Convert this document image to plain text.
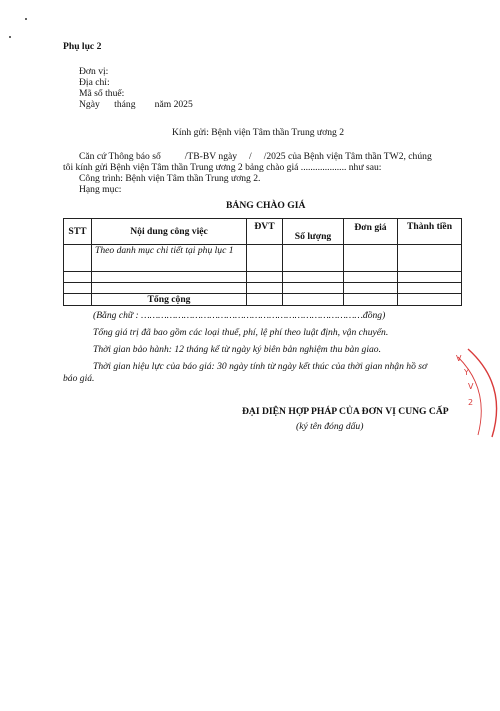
Phụ lục 2
Đơn vị:
Địa chỉ:
Mã số thuế:
Ngày      tháng        năm 2025
Kính gửi: Bệnh viện Tâm thần Trung ương 2
Căn cứ Thông báo số          /TB-BV ngày     /     /2025 của Bệnh viện Tâm thần TW2, chúng
tôi kính gửi Bệnh viện Tâm thần Trung ương 2 bảng chào giá ................... như sau:
Công trình: Bệnh viện Tâm thần Trung ương 2.
Hạng mục:
BẢNG CHÀO GIÁ
STT	Nội dung công việc	ĐVT	Số lượng	Đơn giá	Thành tiền
	Theo danh mục chi tiết tại phụ lục 1				

	Tổng cộng				
(Bằng chữ : ……………………………………………………………………đồng)
Tổng giá trị đã bao gồm các loại thuế, phí, lệ phí theo luật định, vận chuyển.
Thời gian bảo hành: 12 tháng kể từ ngày ký biên bản nghiệm thu bàn giao.
Thời gian hiệu lực của báo giá: 30 ngày tính từ ngày kết thúc của thời gian nhận hồ sơ
báo giá.
ĐẠI DIỆN HỢP PHÁP CỦA ĐƠN VỊ CUNG CẤP
(ký tên đóng dấu)
V
Y
V
2
